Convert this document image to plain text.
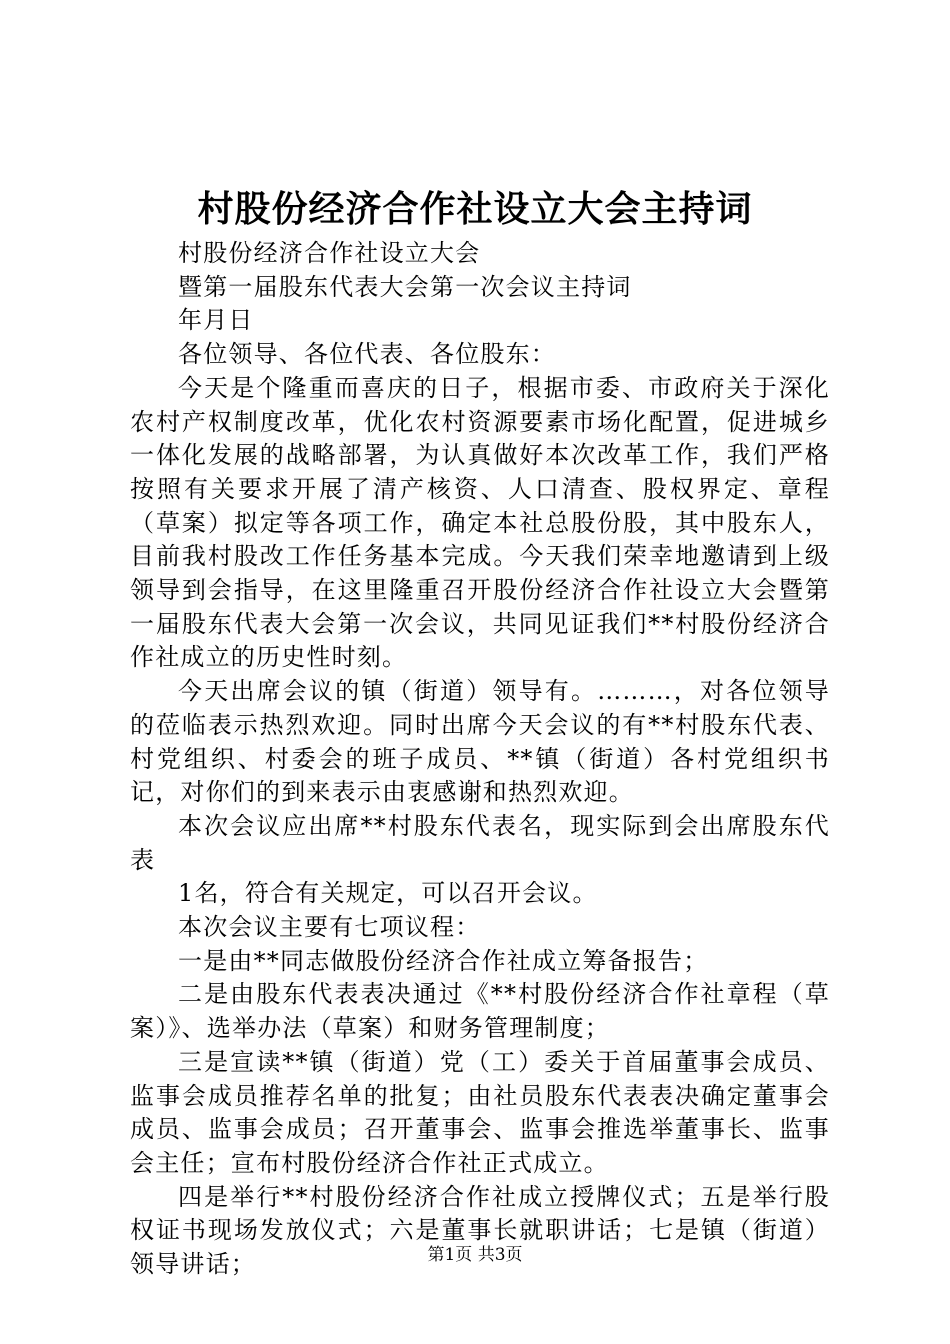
村股份经济合作社设立大会主持词

村股份经济合作社设立大会

暨第一届股东代表大会第一次会议主持词

年月日

各位领导、各位代表、各位股东：

今天是个隆重而喜庆的日子，根据市委、市政府关于深化农村产权制度改革，优化农村资源要素市场化配置，促进城乡一体化发展的战略部署，为认真做好本次改革工作，我们严格按照有关要求开展了清产核资、人口清查、股权界定、章程（草案）拟定等各项工作，确定本社总股份股，其中股东人，目前我村股改工作任务基本完成。今天我们荣幸地邀请到上级领导到会指导，在这里隆重召开股份经济合作社设立大会暨第一届股东代表大会第一次会议，共同见证我们**村股份经济合作社成立的历史性时刻。

今天出席会议的镇（街道）领导有。………，对各位领导的莅临表示热烈欢迎。同时出席今天会议的有**村股东代表、村党组织、村委会的班子成员、**镇（街道）各村党组织书记，对你们的到来表示由衷感谢和热烈欢迎。

本次会议应出席**村股东代表名，现实际到会出席股东代表

1名，符合有关规定，可以召开会议。

本次会议主要有七项议程：

一是由**同志做股份经济合作社成立筹备报告；

二是由股东代表表决通过《**村股份经济合作社章程（草案）》、选举办法（草案）和财务管理制度；

三是宣读**镇（街道）党（工）委关于首届董事会成员、监事会成员推荐名单的批复；由社员股东代表表决确定董事会成员、监事会成员；召开董事会、监事会推选举董事长、监事会主任；宣布村股份经济合作社正式成立。

四是举行**村股份经济合作社成立授牌仪式；五是举行股权证书现场发放仪式；六是董事长就职讲话；七是镇（街道）领导讲话；	第1页 共3页
